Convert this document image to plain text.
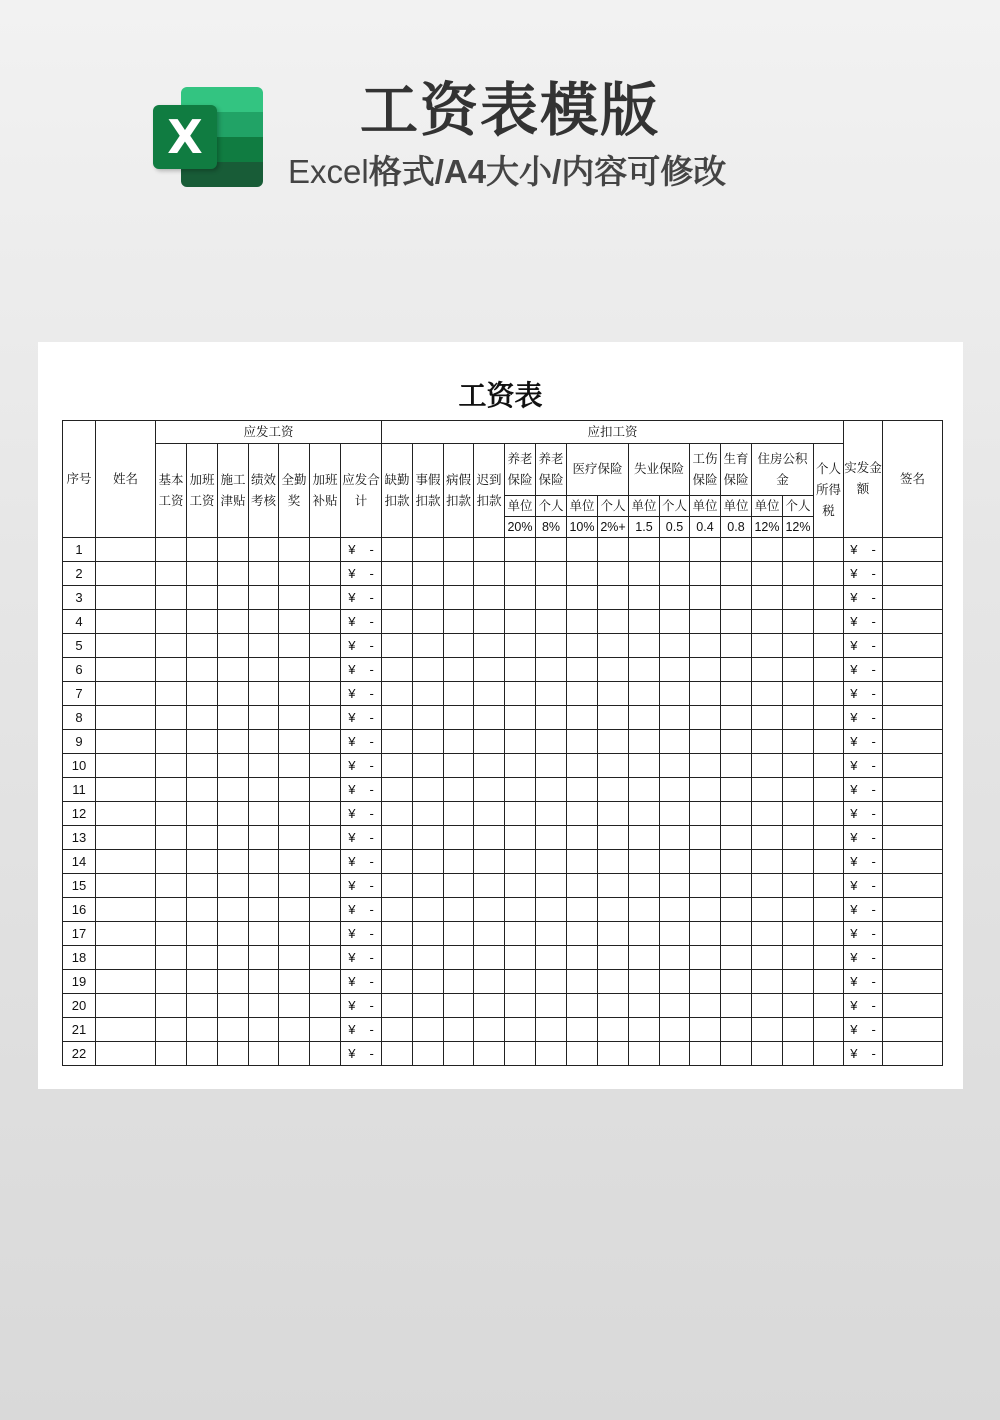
X	工资表模版
Excel格式/A4大小/内容可修改
工资表
序号	姓名	应发工资							应扣工资															实发金额	签名
		基本工资	加班工资	施工津贴	绩效考核	全勤奖	加班补贴	应发合计	缺勤扣款	事假扣款	病假扣款	迟到扣款	养老保险	养老保险	医疗保险		失业保险		工伤保险	生育保险	住房公积金		个人所得税		
													单位	个人	单位	个人	单位	个人	单位	单位	单位	个人			
													20%	8%	10%	2%+	1.5	0.5	0.4	0.8	12%	12%			
1								¥ -																¥ -	
2								¥ -																¥ -	
3								¥ -																¥ -	
4								¥ -																¥ -	
5								¥ -																¥ -	
6								¥ -																¥ -	
7								¥ -																¥ -	
8								¥ -																¥ -	
9								¥ -																¥ -	
10								¥ -																¥ -	
11								¥ -																¥ -	
12								¥ -																¥ -	
13								¥ -																¥ -	
14								¥ -																¥ -	
15								¥ -																¥ -	
16								¥ -																¥ -	
17								¥ -																¥ -	
18								¥ -																¥ -	
19								¥ -																¥ -	
20								¥ -																¥ -	
21								¥ -																¥ -	
22								¥ -																¥ -	
